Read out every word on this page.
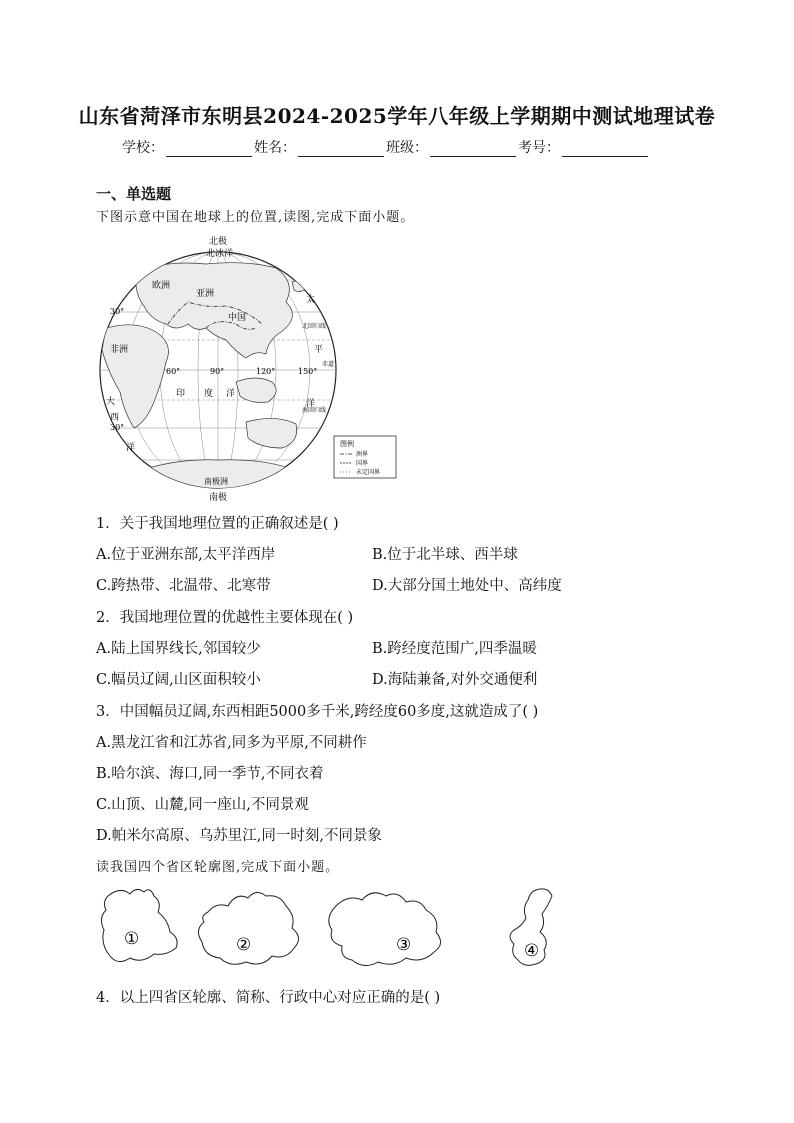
山东省菏泽市东明县2024-2025学年八年级上学期期中测试地理试卷
学校：	姓名：	班级：	考号：
一、单选题
下图示意中国在地球上的位置,读图,完成下面小题。
北极
南极
北冰洋
欧洲
亚洲
中国
非洲
太
平
洋
印 度 洋
大
西
洋
南极洲
30°
30°
60°	90°	120°	150°
北回归线
赤道
南回归线
图例
洲界
国界
未定国界
1．关于我国地理位置的正确叙述是( )
A.位于亚洲东部,太平洋西岸	B.位于北半球、西半球
C.跨热带、北温带、北寒带	D.大部分国土地处中、高纬度
2．我国地理位置的优越性主要体现在( )
A.陆上国界线长,邻国较少	B.跨经度范围广,四季温暖
C.幅员辽阔,山区面积较小	D.海陆兼备,对外交通便利
3．中国幅员辽阔,东西相距5000多千米,跨经度60多度,这就造成了( )
A.黑龙江省和江苏省,同多为平原,不同耕作
B.哈尔滨、海口,同一季节,不同衣着
C.山顶、山麓,同一座山,不同景观
D.帕米尔高原、乌苏里江,同一时刻,不同景象
读我国四个省区轮廓图,完成下面小题。
①	②	③	④
4．以上四省区轮廓、简称、行政中心对应正确的是( )
